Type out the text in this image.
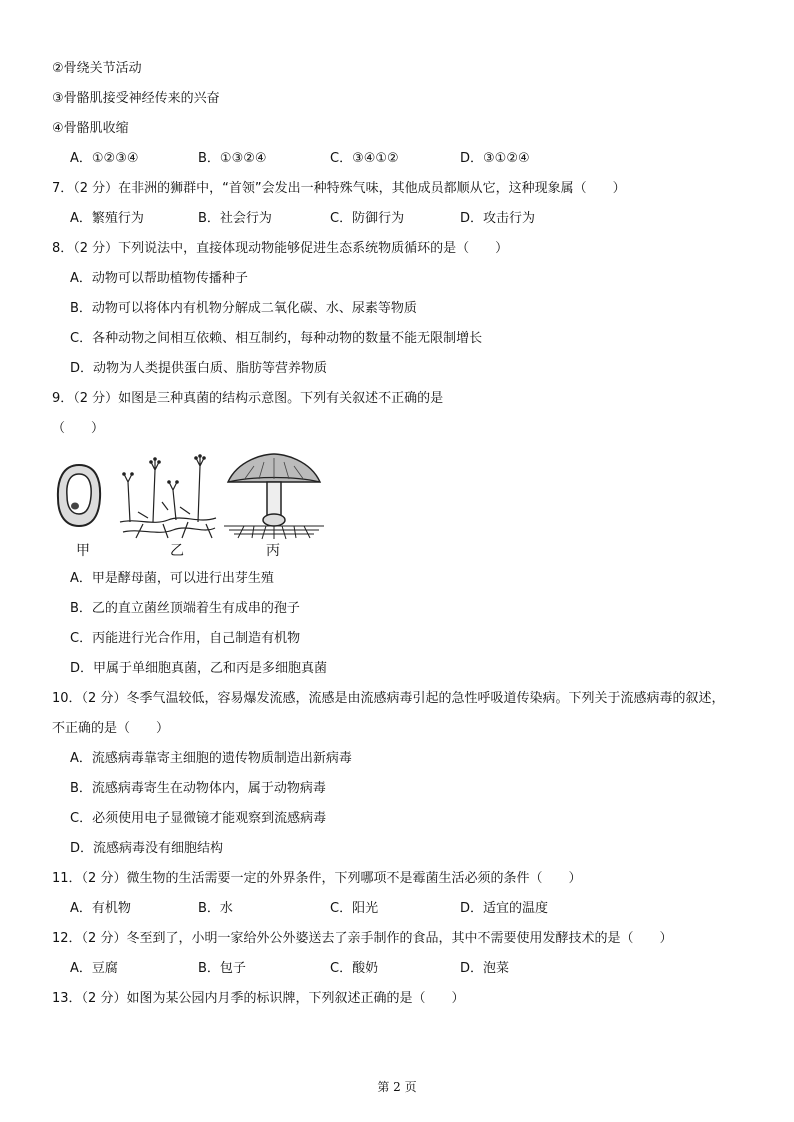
②骨绕关节活动
③骨骼肌接受神经传来的兴奋
④骨骼肌收缩
A．①②③④	B．①③②④	C．③④①②	D．③①②④
7．（2 分）在非洲的狮群中，“首领”会发出一种特殊气味，其他成员都顺从它，这种现象属（　　）
A．繁殖行为	B．社会行为	C．防御行为	D．攻击行为
8．（2 分）下列说法中，直接体现动物能够促进生态系统物质循环的是（　　）
A．动物可以帮助植物传播种子
B．动物可以将体内有机物分解成二氧化碳、水、尿素等物质
C．各种动物之间相互依赖、相互制约，每种动物的数量不能无限制增长
D．动物为人类提供蛋白质、脂肪等营养物质
9．（2 分）如图是三种真菌的结构示意图。下列有关叙述不正确的是
（　　）
甲	乙	丙
A．甲是酵母菌，可以进行出芽生殖
B．乙的直立菌丝顶端着生有成串的孢子
C．丙能进行光合作用，自己制造有机物
D．甲属于单细胞真菌，乙和丙是多细胞真菌
10．（2 分）冬季气温较低，容易爆发流感，流感是由流感病毒引起的急性呼吸道传染病。下列关于流感病毒的叙述，
不正确的是（　　）
A．流感病毒靠寄主细胞的遗传物质制造出新病毒
B．流感病毒寄生在动物体内，属于动物病毒
C．必须使用电子显微镜才能观察到流感病毒
D．流感病毒没有细胞结构
11．（2 分）微生物的生活需要一定的外界条件，下列哪项不是霉菌生活必须的条件（　　）
A．有机物	B．水	C．阳光	D．适宜的温度
12．（2 分）冬至到了，小明一家给外公外婆送去了亲手制作的食品，其中不需要使用发酵技术的是（　　）
A．豆腐	B．包子	C．酸奶	D．泡菜
13．（2 分）如图为某公园内月季的标识牌，下列叙述正确的是（　　）
第 2 页
